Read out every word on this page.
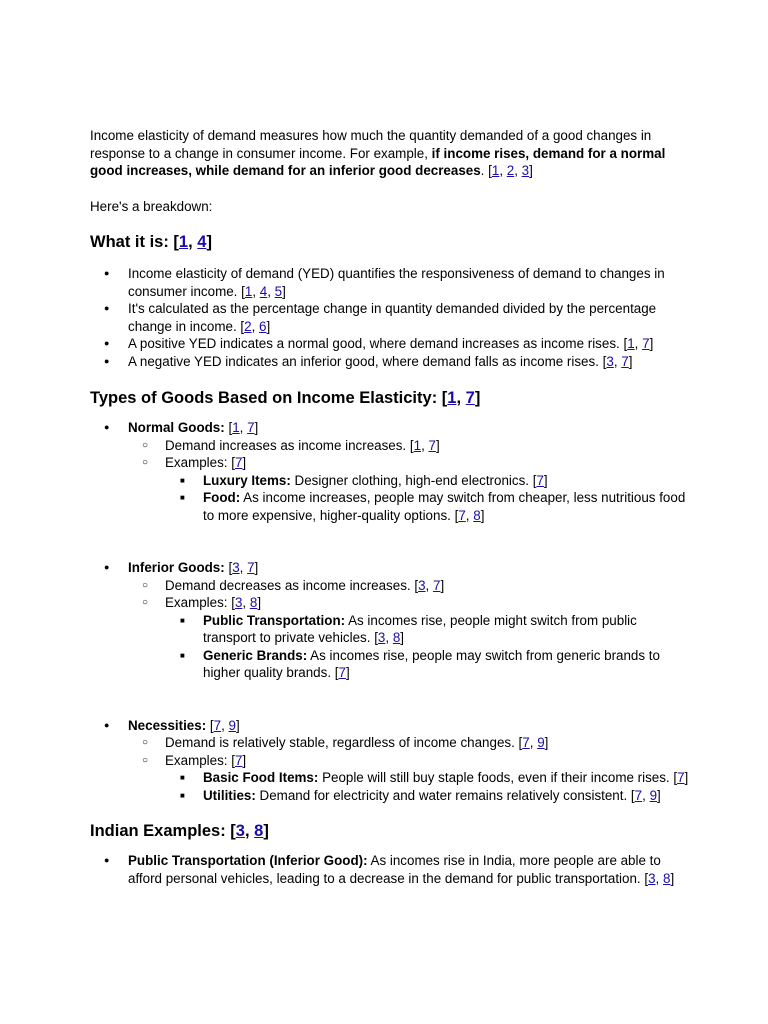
Income elasticity of demand measures how much the quantity demanded of a good changes in response to a change in consumer income. For example, if income rises, demand for a normal good increases, while demand for an inferior good decreases. [1, 2, 3]

Here's a breakdown:

What it is: [1, 4]
● Income elasticity of demand (YED) quantifies the responsiveness of demand to changes in consumer income. [1, 4, 5]
● It's calculated as the percentage change in quantity demanded divided by the percentage change in income. [2, 6]
● A positive YED indicates a normal good, where demand increases as income rises. [1, 7]
● A negative YED indicates an inferior good, where demand falls as income rises. [3, 7]
Types of Goods Based on Income Elasticity: [1, 7]
● Normal Goods: [1, 7]
○ Demand increases as income increases. [1, 7]
○ Examples: [7]
■ Luxury Items: Designer clothing, high-end electronics. [7]
■ Food: As income increases, people may switch from cheaper, less nutritious food to more expensive, higher-quality options. [7, 8]
● Inferior Goods: [3, 7]
○ Demand decreases as income increases. [3, 7]
○ Examples: [3, 8]
■ Public Transportation: As incomes rise, people might switch from public transport to private vehicles. [3, 8]
■ Generic Brands: As incomes rise, people may switch from generic brands to higher quality brands. [7]
● Necessities: [7, 9]
○ Demand is relatively stable, regardless of income changes. [7, 9]
○ Examples: [7]
■ Basic Food Items: People will still buy staple foods, even if their income rises. [7]
■ Utilities: Demand for electricity and water remains relatively consistent. [7, 9]
Indian Examples: [3, 8]
● Public Transportation (Inferior Good): As incomes rise in India, more people are able to afford personal vehicles, leading to a decrease in the demand for public transportation. [3, 8]
